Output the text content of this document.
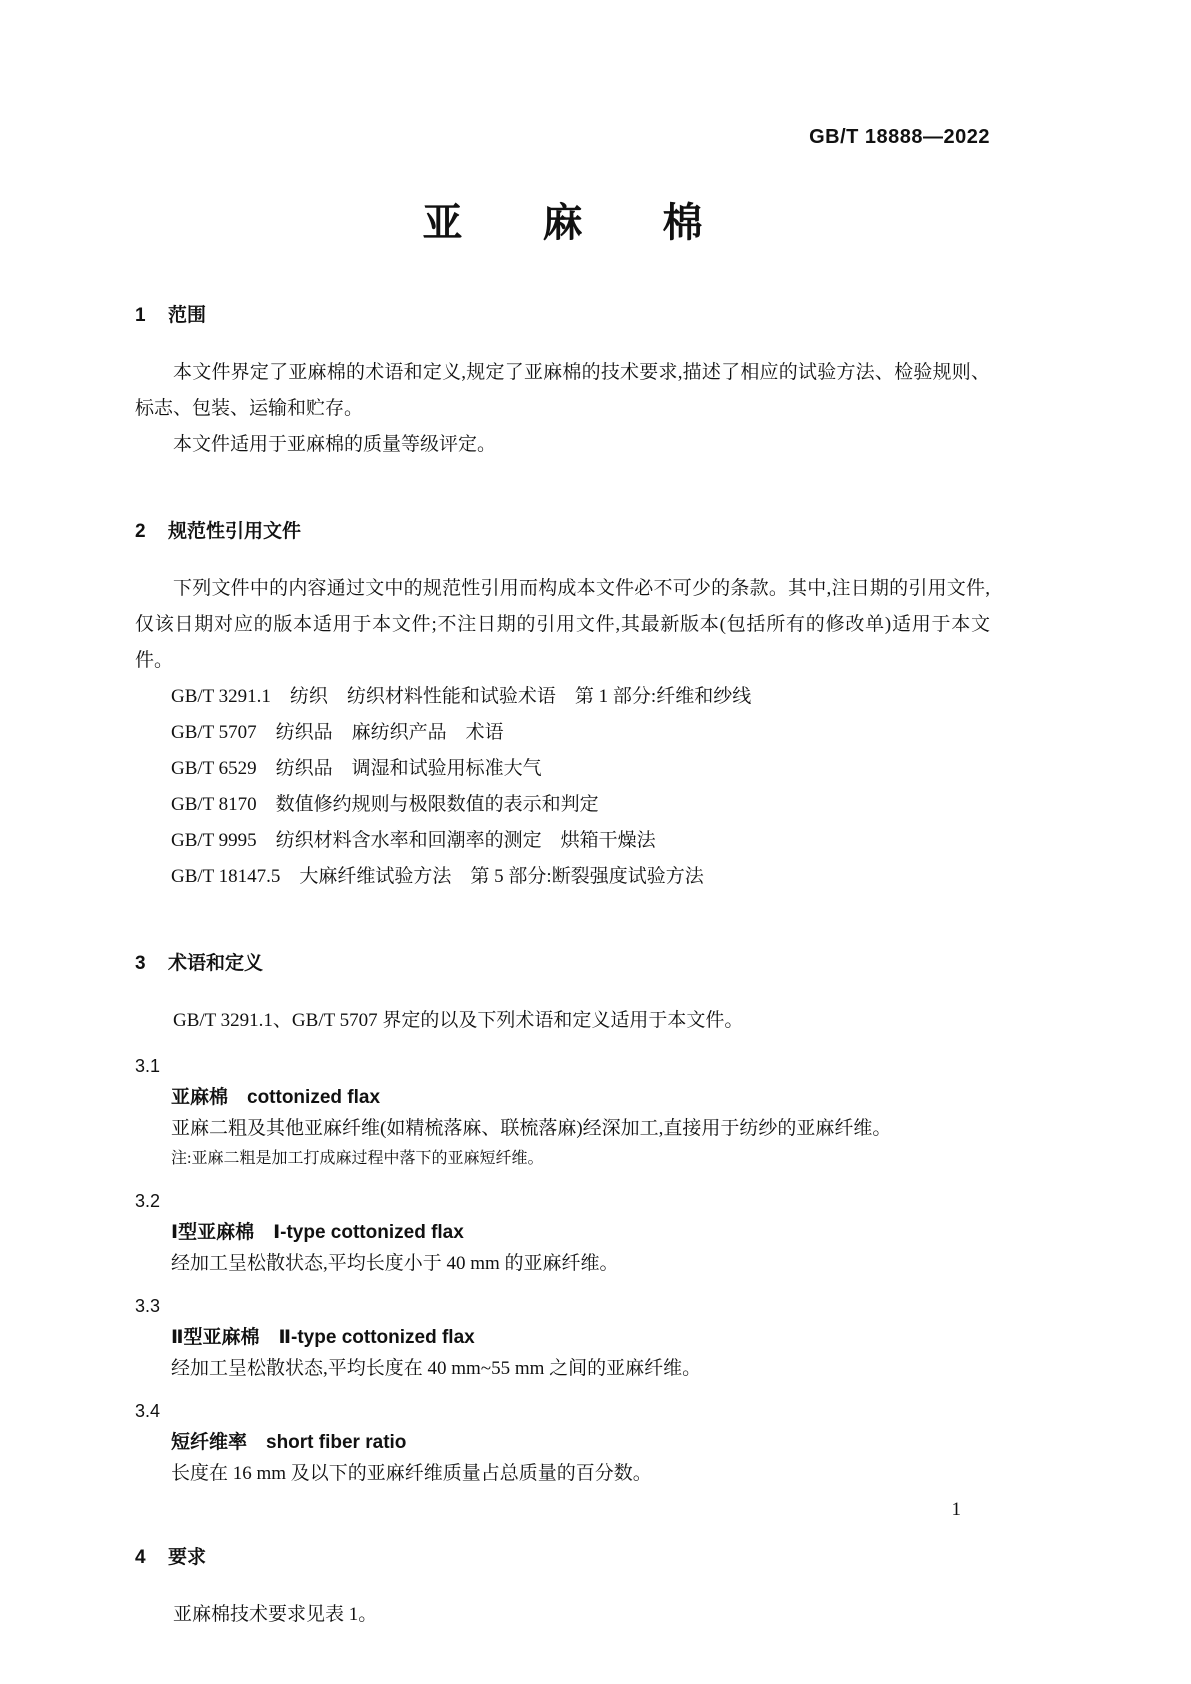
GB/T 18888—2022
亚　　麻　　棉
1 范围

本文件界定了亚麻棉的术语和定义,规定了亚麻棉的技术要求,描述了相应的试验方法、检验规则、标志、包装、运输和贮存。

本文件适用于亚麻棉的质量等级评定。

2 规范性引用文件

下列文件中的内容通过文中的规范性引用而构成本文件必不可少的条款。其中,注日期的引用文件,仅该日期对应的版本适用于本文件;不注日期的引用文件,其最新版本(包括所有的修改单)适用于本文件。

GB/T 3291.1　纺织　纺织材料性能和试验术语　第 1 部分:纤维和纱线

GB/T 5707　纺织品　麻纺织产品　术语

GB/T 6529　纺织品　调湿和试验用标准大气

GB/T 8170　数值修约规则与极限数值的表示和判定

GB/T 9995　纺织材料含水率和回潮率的测定　烘箱干燥法

GB/T 18147.5　大麻纤维试验方法　第 5 部分:断裂强度试验方法

3 术语和定义

GB/T 3291.1、GB/T 5707 界定的以及下列术语和定义适用于本文件。

3.1
亚麻棉　cottonized flax

亚麻二粗及其他亚麻纤维(如精梳落麻、联梳落麻)经深加工,直接用于纺纱的亚麻纤维。

注:亚麻二粗是加工打成麻过程中落下的亚麻短纤维。

3.2
Ⅰ型亚麻棉　Ⅰ-type cottonized flax

经加工呈松散状态,平均长度小于 40 mm 的亚麻纤维。

3.3
Ⅱ型亚麻棉　Ⅱ-type cottonized flax

经加工呈松散状态,平均长度在 40 mm~55 mm 之间的亚麻纤维。

3.4
短纤维率　short fiber ratio

长度在 16 mm 及以下的亚麻纤维质量占总质量的百分数。

4 要求

亚麻棉技术要求见表 1。

1
